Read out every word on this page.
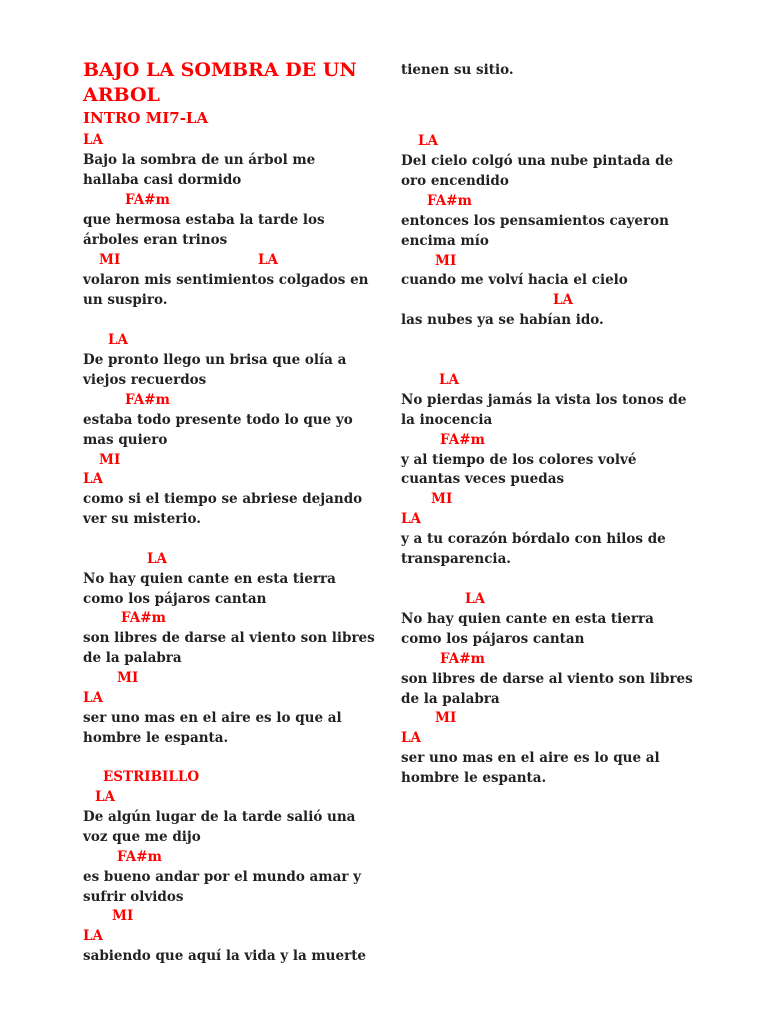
BAJO LA SOMBRA DE UN
ARBOL
INTRO MI7-LA
LA
Bajo la sombra de un árbol me
hallaba casi dormido
FA#m
que hermosa estaba la tarde los
árboles eran trinos
MI	LA
volaron mis sentimientos colgados en
un suspiro.
LA
De pronto llego un brisa que olía a
viejos recuerdos
FA#m
estaba todo presente todo lo que yo
mas quiero
MI
LA
como si el tiempo se abriese dejando
ver su misterio.
LA
No hay quien cante en esta tierra
como los pájaros cantan
FA#m
son libres de darse al viento son libres
de la palabra
MI
LA
ser uno mas en el aire es lo que al
hombre le espanta.
ESTRIBILLO
LA
De algún lugar de la tarde salió una
voz que me dijo
FA#m
es bueno andar por el mundo amar y
sufrir olvidos
MI
LA
sabiendo que aquí la vida y la muerte
tienen su sitio.
LA
Del cielo colgó una nube pintada de
oro encendido
FA#m
entonces los pensamientos cayeron
encima mío
MI
cuando me volví hacia el cielo
LA
las nubes ya se habían ido.
LA
No pierdas jamás la vista los tonos de
la inocencia
FA#m
y al tiempo de los colores volvé
cuantas veces puedas
MI
LA
y a tu corazón bórdalo con hilos de
transparencia.
LA
No hay quien cante en esta tierra
como los pájaros cantan
FA#m
son libres de darse al viento son libres
de la palabra
MI
LA
ser uno mas en el aire es lo que al
hombre le espanta.
